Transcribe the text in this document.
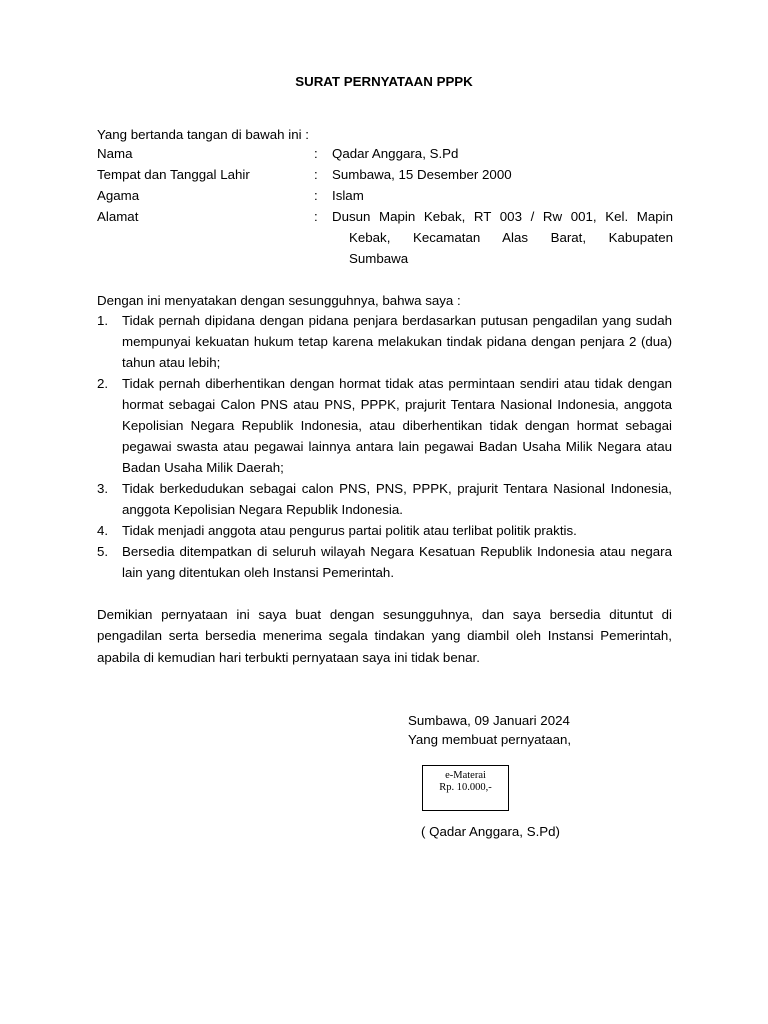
SURAT PERNYATAAN PPPK
Yang bertanda tangan di bawah ini :
Nama	:	Qadar Anggara, S.Pd
Tempat dan Tanggal Lahir	:	Sumbawa, 15 Desember 2000
Agama	:	Islam
Alamat	:	Dusun Mapin Kebak, RT 003 / Rw 001, Kel. Mapin
Kebak, Kecamatan Alas Barat, Kabupaten
Sumbawa
Dengan ini menyatakan dengan sesungguhnya, bahwa saya :
1. Tidak pernah dipidana dengan pidana penjara berdasarkan putusan pengadilan yang sudah mempunyai kekuatan hukum tetap karena melakukan tindak pidana dengan penjara 2 (dua) tahun atau lebih;
2. Tidak pernah diberhentikan dengan hormat tidak atas permintaan sendiri atau tidak dengan hormat sebagai Calon PNS atau PNS, PPPK, prajurit Tentara Nasional Indonesia, anggota Kepolisian Negara Republik Indonesia, atau diberhentikan tidak dengan hormat sebagai pegawai swasta atau pegawai lainnya antara lain pegawai Badan Usaha Milik Negara atau Badan Usaha Milik Daerah;
3. Tidak berkedudukan sebagai calon PNS, PNS, PPPK, prajurit Tentara Nasional Indonesia, anggota Kepolisian Negara Republik Indonesia.
4. Tidak menjadi anggota atau pengurus partai politik atau terlibat politik praktis.
5. Bersedia ditempatkan di seluruh wilayah Negara Kesatuan Republik Indonesia atau negara lain yang ditentukan oleh Instansi Pemerintah.
Demikian pernyataan ini saya buat dengan sesungguhnya, dan saya bersedia dituntut di pengadilan serta bersedia menerima segala tindakan yang diambil oleh Instansi Pemerintah, apabila di kemudian hari terbukti pernyataan saya ini tidak benar.
Sumbawa, 09 Januari 2024
Yang membuat pernyataan,
e-Materai
Rp. 10.000,-
( Qadar Anggara, S.Pd)
